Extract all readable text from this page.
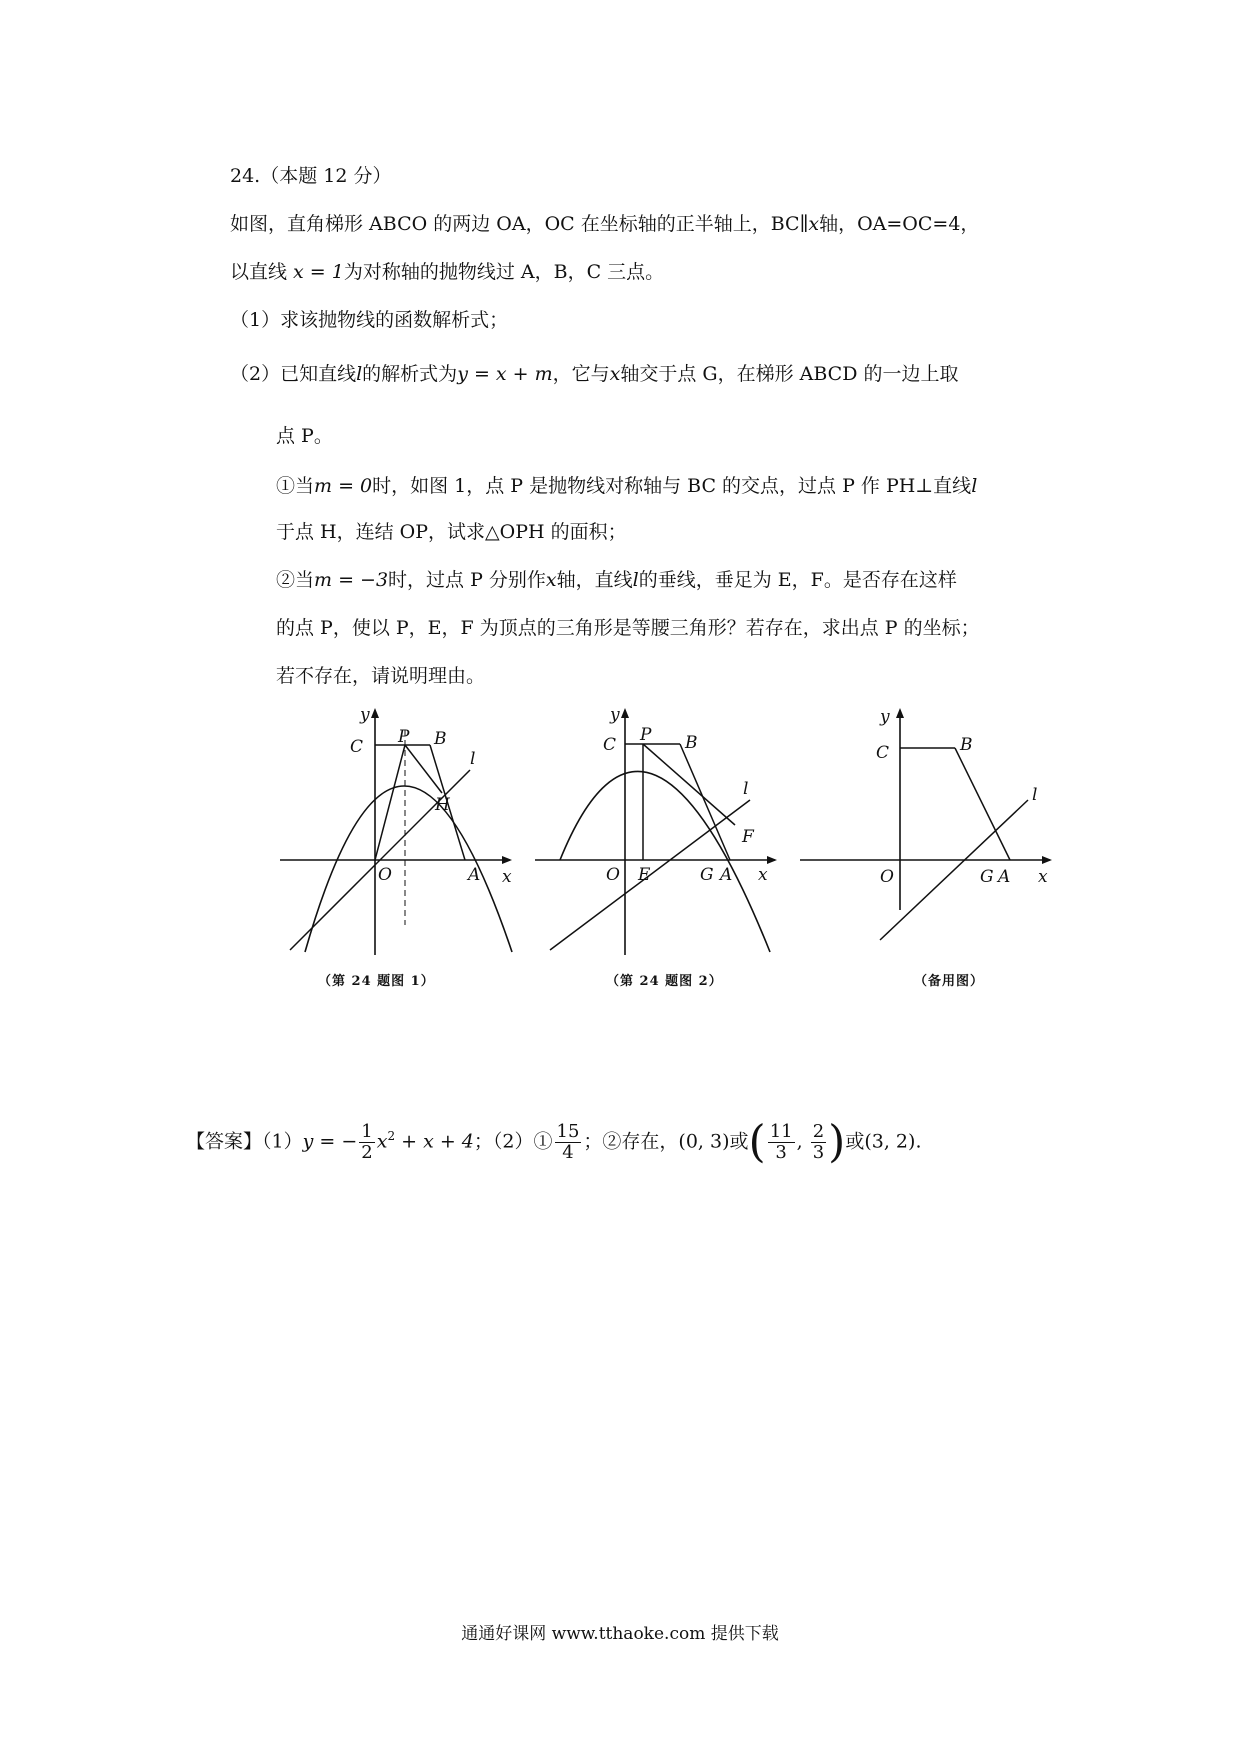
24.（本题 12 分）
如图，直角梯形 ABCO 的两边 OA，OC 在坐标轴的正半轴上，BC∥x轴，OA=OC=4，
以直线 x = 1为对称轴的抛物线过 A，B，C 三点。
（1）求该抛物线的函数解析式；
（2）已知直线l的解析式为y = x + m，它与x轴交于点 G，在梯形 ABCD 的一边上取
点 P。
①当m = 0时，如图 1，点 P 是抛物线对称轴与 BC 的交点，过点 P 作 PH⊥直线l
于点 H，连结 OP，试求△OPH 的面积；
②当m = −3时，过点 P 分别作x轴，直线l的垂线，垂足为 E，F。是否存在这样
的点 P，使以 P，E，F 为顶点的三角形是等腰三角形？若存在，求出点 P 的坐标；
若不存在，请说明理由。
y
C P B
l
H
O	A x
（第 24 题图 1）
y
C P B
l
F
O E	G A x
（第 24 题图 2）
y
C	B
l
O	G A x
（备用图）
【答案】（1）y = − $\frac{1}{2} x^2 + x + 4$；（2）① $\frac{15}{4}$ ；②存在，(0, 3)或( $\frac{11}{3}$ , $\frac{2}{3}$ )或(3, 2).
通通好课网 www.tthaoke.com 提供下载
